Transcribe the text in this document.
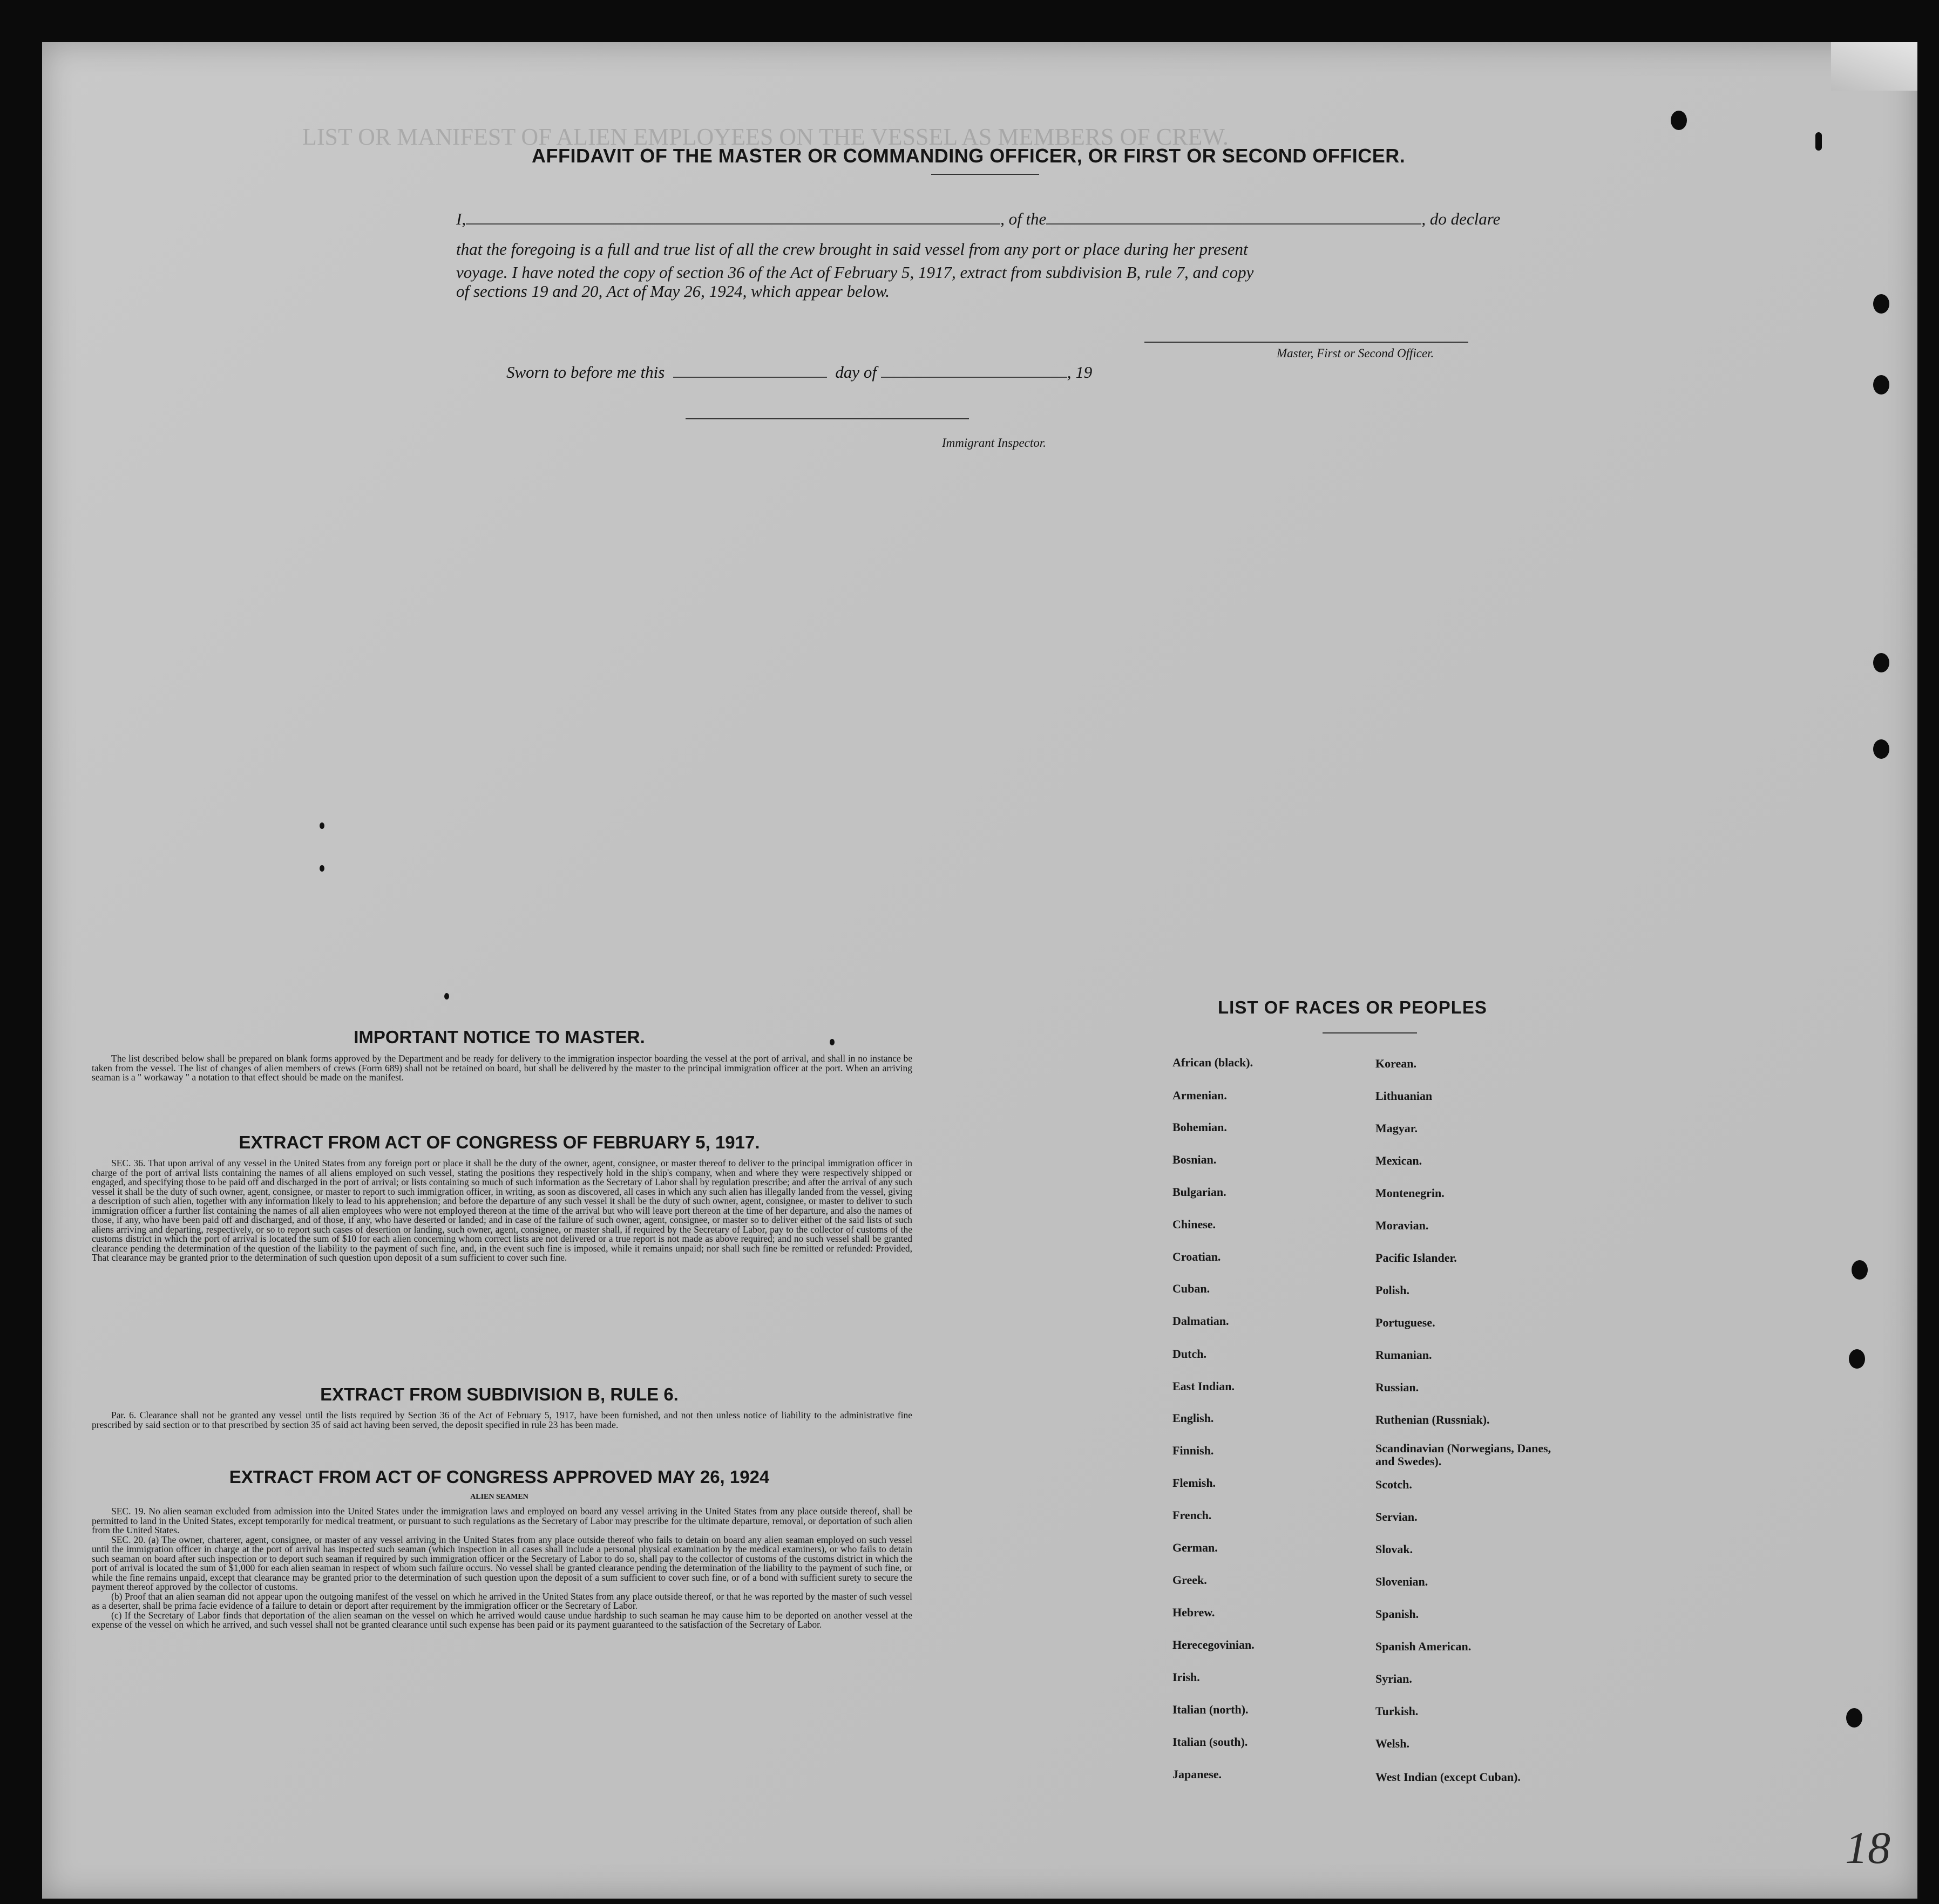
LIST OR MANIFEST OF ALIEN EMPLOYEES ON THE VESSEL AS MEMBERS OF CREW.
AFFIDAVIT OF THE MASTER OR COMMANDING OFFICER, OR FIRST OR SECOND OFFICER.
I,	, of the	, do declare
that the foregoing is a full and true list of all the crew brought in said vessel from any port or place during her present
voyage. I have noted the copy of section 36 of the Act of February 5, 1917, extract from subdivision B, rule 7, and copy
of sections 19 and 20, Act of May 26, 1924, which appear below.
Master, First or Second Officer.
Sworn to before me this	day of	, 19
Immigrant Inspector.
IMPORTANT NOTICE TO MASTER.

The list described below shall be prepared on blank forms approved by the Department and be ready for delivery to the immigration inspector boarding the vessel at the port of arrival, and shall in no instance be taken from the vessel. The list of changes of alien members of crews (Form 689) shall not be retained on board, but shall be delivered by the master to the principal immigration officer at the port. When an arriving seaman is a " workaway " a notation to that effect should be made on the manifest.

EXTRACT FROM ACT OF CONGRESS OF FEBRUARY 5, 1917.

SEC. 36. That upon arrival of any vessel in the United States from any foreign port or place it shall be the duty of the owner, agent, consignee, or master thereof to deliver to the principal immigration officer in charge of the port of arrival lists containing the names of all aliens employed on such vessel, stating the positions they respectively hold in the ship's company, when and where they were respectively shipped or engaged, and specifying those to be paid off and discharged in the port of arrival; or lists containing so much of such information as the Secretary of Labor shall by regulation prescribe; and after the arrival of any such vessel it shall be the duty of such owner, agent, consignee, or master to report to such immigration officer, in writing, as soon as discovered, all cases in which any such alien has illegally landed from the vessel, giving a description of such alien, together with any information likely to lead to his apprehension; and before the departure of any such vessel it shall be the duty of such owner, agent, consignee, or master to deliver to such immigration officer a further list containing the names of all alien employees who were not employed thereon at the time of the arrival but who will leave port thereon at the time of her departure, and also the names of those, if any, who have been paid off and discharged, and of those, if any, who have deserted or landed; and in case of the failure of such owner, agent, consignee, or master so to deliver either of the said lists of such aliens arriving and departing, respectively, or so to report such cases of desertion or landing, such owner, agent, consignee, or master shall, if required by the Secretary of Labor, pay to the collector of customs of the customs district in which the port of arrival is located the sum of $10 for each alien concerning whom correct lists are not delivered or a true report is not made as above required; and no such vessel shall be granted clearance pending the determination of the question of the liability to the payment of such fine, and, in the event such fine is imposed, while it remains unpaid; nor shall such fine be remitted or refunded: Provided, That clearance may be granted prior to the determination of such question upon deposit of a sum sufficient to cover such fine.

EXTRACT FROM SUBDIVISION B, RULE 6.

Par. 6. Clearance shall not be granted any vessel until the lists required by Section 36 of the Act of February 5, 1917, have been furnished, and not then unless notice of liability to the administrative fine prescribed by said section or to that prescribed by section 35 of said act having been served, the deposit specified in rule 23 has been made.

EXTRACT FROM ACT OF CONGRESS APPROVED MAY 26, 1924
ALIEN SEAMEN

SEC. 19. No alien seaman excluded from admission into the United States under the immigration laws and employed on board any vessel arriving in the United States from any place outside thereof, shall be permitted to land in the United States, except temporarily for medical treatment, or pursuant to such regulations as the Secretary of Labor may prescribe for the ultimate departure, removal, or deportation of such alien from the United States.

SEC. 20. (a) The owner, charterer, agent, consignee, or master of any vessel arriving in the United States from any place outside thereof who fails to detain on board any alien seaman employed on such vessel until the immigration officer in charge at the port of arrival has inspected such seaman (which inspection in all cases shall include a personal physical examination by the medical examiners), or who fails to detain such seaman on board after such inspection or to deport such seaman if required by such immigration officer or the Secretary of Labor to do so, shall pay to the collector of customs of the customs district in which the port of arrival is located the sum of $1,000 for each alien seaman in respect of whom such failure occurs. No vessel shall be granted clearance pending the determination of the liability to the payment of such fine, or while the fine remains unpaid, except that clearance may be granted prior to the determination of such question upon the deposit of a sum sufficient to cover such fine, or of a bond with sufficient surety to secure the payment thereof approved by the collector of customs.

(b) Proof that an alien seaman did not appear upon the outgoing manifest of the vessel on which he arrived in the United States from any place outside thereof, or that he was reported by the master of such vessel as a deserter, shall be prima facie evidence of a failure to detain or deport after requirement by the immigration officer or the Secretary of Labor.

(c) If the Secretary of Labor finds that deportation of the alien seaman on the vessel on which he arrived would cause undue hardship to such seaman he may cause him to be deported on another vessel at the expense of the vessel on which he arrived, and such vessel shall not be granted clearance until such expense has been paid or its payment guaranteed to the satisfaction of the Secretary of Labor.

LIST OF RACES OR PEOPLES
African (black).
Armenian.
Bohemian.
Bosnian.
Bulgarian.
Chinese.
Croatian.
Cuban.
Dalmatian.
Dutch.
East Indian.
English.
Finnish.
Flemish.
French.
German.
Greek.
Hebrew.
Herecegovinian.
Irish.
Italian (north).
Italian (south).
Japanese.
Korean.
Lithuanian
Magyar.
Mexican.
Montenegrin.
Moravian.
Pacific Islander.
Polish.
Portuguese.
Rumanian.
Russian.
Ruthenian (Russniak).
Scandinavian (Norwegians, Danes, and Swedes).
Scotch.
Servian.
Slovak.
Slovenian.
Spanish.
Spanish American.
Syrian.
Turkish.
Welsh.
West Indian (except Cuban).
18
